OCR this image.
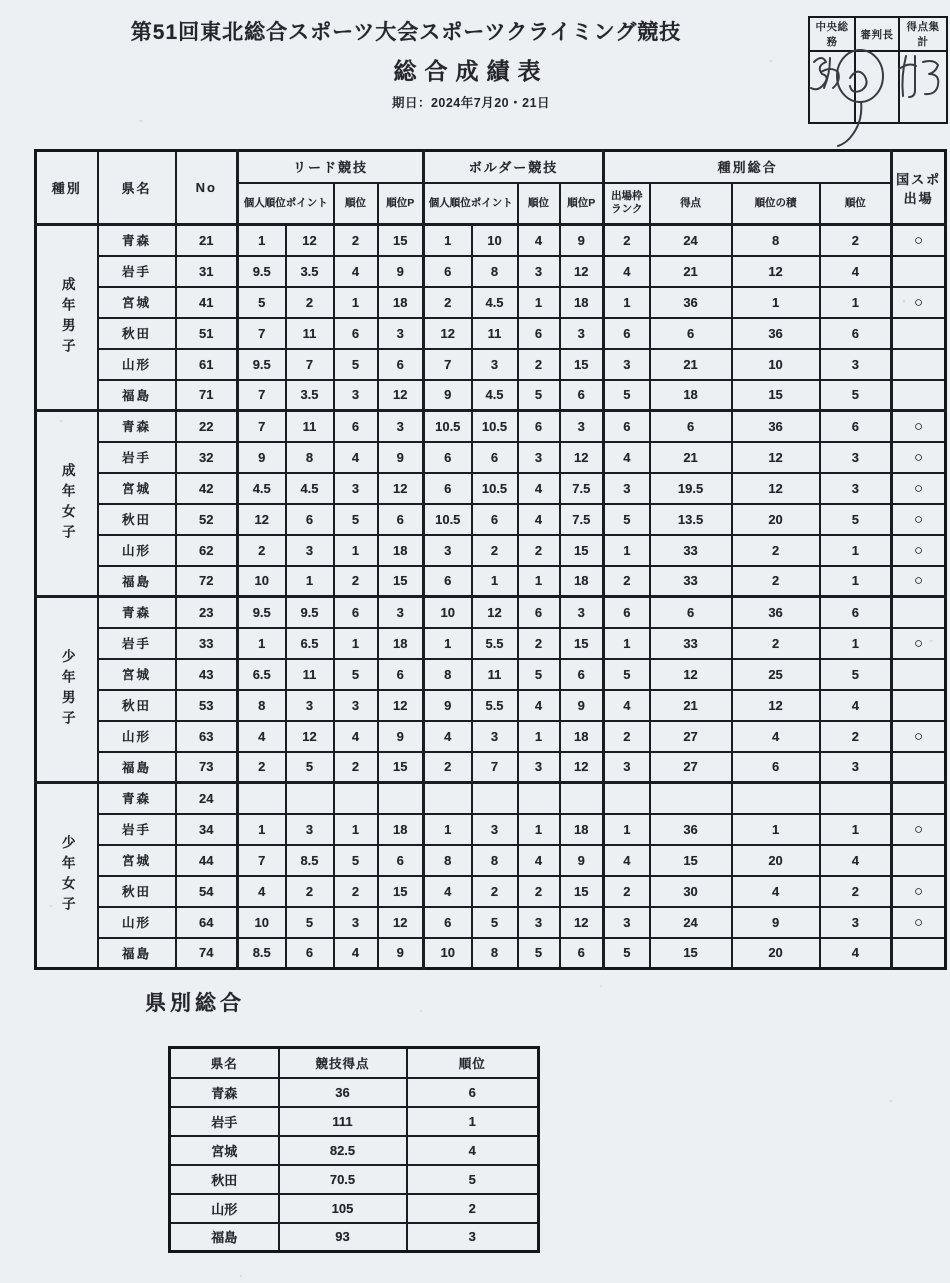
第51回東北総合スポーツ大会スポーツクライミング競技
総合成績表
期日：2024年7月20・21日
中央総務	審判長	得点集計

種別	県名	No	リード競技				ボルダー競技				種別総合				国スポ出場
			個人順位ポイント		順位	順位P	個人順位ポイント		順位	順位P	出場枠ランク	得点	順位の積	順位	
成年男子	青森	21	1	12	2	15	1	10	4	9	2	24	8	2	○
	岩手	31	9.5	3.5	4	9	6	8	3	12	4	21	12	4	
	宮城	41	5	2	1	18	2	4.5	1	18	1	36	1	1	○
	秋田	51	7	11	6	3	12	11	6	3	6	6	36	6	
	山形	61	9.5	7	5	6	7	3	2	15	3	21	10	3	
	福島	71	7	3.5	3	12	9	4.5	5	6	5	18	15	5	
成年女子	青森	22	7	11	6	3	10.5	10.5	6	3	6	6	36	6	○
	岩手	32	9	8	4	9	6	6	3	12	4	21	12	3	○
	宮城	42	4.5	4.5	3	12	6	10.5	4	7.5	3	19.5	12	3	○
	秋田	52	12	6	5	6	10.5	6	4	7.5	5	13.5	20	5	○
	山形	62	2	3	1	18	3	2	2	15	1	33	2	1	○
	福島	72	10	1	2	15	6	1	1	18	2	33	2	1	○
少年男子	青森	23	9.5	9.5	6	3	10	12	6	3	6	6	36	6	
	岩手	33	1	6.5	1	18	1	5.5	2	15	1	33	2	1	○
	宮城	43	6.5	11	5	6	8	11	5	6	5	12	25	5	
	秋田	53	8	3	3	12	9	5.5	4	9	4	21	12	4	
	山形	63	4	12	4	9	4	3	1	18	2	27	4	2	○
	福島	73	2	5	2	15	2	7	3	12	3	27	6	3	
少年女子	青森	24													
	岩手	34	1	3	1	18	1	3	1	18	1	36	1	1	○
	宮城	44	7	8.5	5	6	8	8	4	9	4	15	20	4	
	秋田	54	4	2	2	15	4	2	2	15	2	30	4	2	○
	山形	64	10	5	3	12	6	5	3	12	3	24	9	3	○
	福島	74	8.5	6	4	9	10	8	5	6	5	15	20	4	
県別総合
県名	競技得点	順位
青森	36	6
岩手	111	1
宮城	82.5	4
秋田	70.5	5
山形	105	2
福島	93	3
